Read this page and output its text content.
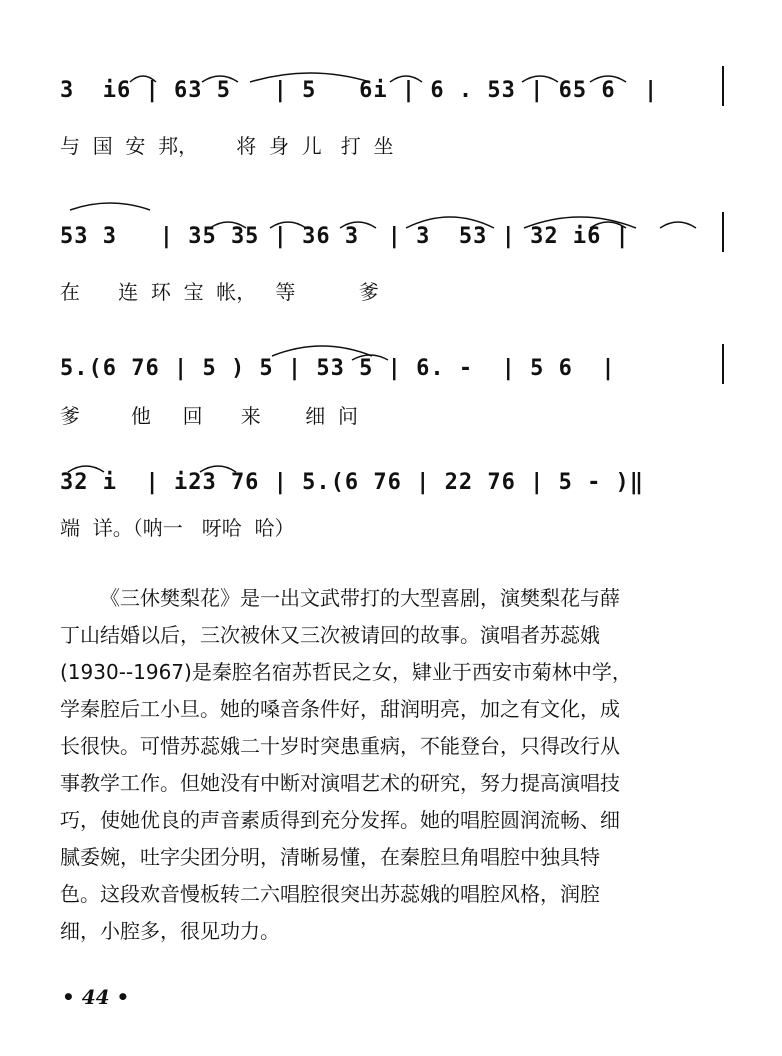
3  i6 | 63 5   | 5   6i | 6 . 53 | 65 6  |
与  国  安  邦，      将  身  儿   打  坐
53 3   | 35 35 | 36 3  | 3  53 | 32 i6 |
在      连  环  宝  帐，   等          爹
5.(6 76 | 5 ) 5 | 53 5 | 6. -  | 5 6  |
爹        他     回      来       细  问
32 i  | i23 76 | 5.(6 76 | 22 76 | 5 - )‖
端  详。（呐一   呀哈  哈）
《三休樊梨花》是一出文武带打的大型喜剧，演樊梨花与薛
丁山结婚以后，三次被休又三次被请回的故事。演唱者苏蕊娥
(1930--1967)是秦腔名宿苏哲民之女，肄业于西安市菊林中学，
学秦腔后工小旦。她的嗓音条件好，甜润明亮，加之有文化，成
长很快。可惜苏蕊娥二十岁时突患重病，不能登台，只得改行从
事教学工作。但她没有中断对演唱艺术的研究，努力提高演唱技
巧，使她优良的声音素质得到充分发挥。她的唱腔圆润流畅、细
腻委婉，吐字尖团分明，清晰易懂，在秦腔旦角唱腔中独具特
色。这段欢音慢板转二六唱腔很突出苏蕊娥的唱腔风格，润腔
细，小腔多，很见功力。
• 44 •
